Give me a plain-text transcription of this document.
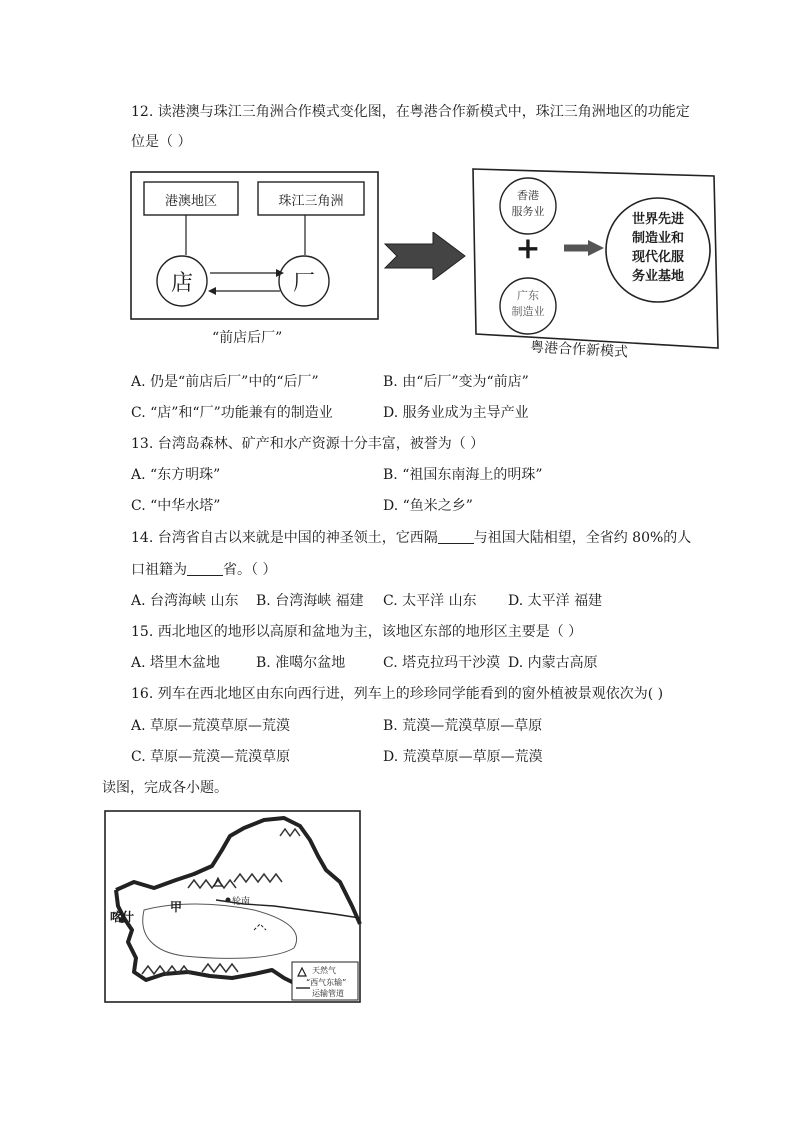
12. 读港澳与珠江三角洲合作模式变化图，在粤港合作新模式中，珠江三角洲地区的功能定
位是（ ）
港澳地区	珠江三角洲
店	厂
“前店后厂”
香港
服务业
+
广东
制造业
世界先进
制造业和
现代化服
务业基地
粤港合作新模式
A. 仍是“前店后厂”中的“后厂”	B. 由“后厂”变为“前店”
C. “店”和“厂”功能兼有的制造业	D. 服务业成为主导产业
13. 台湾岛森林、矿产和水产资源十分丰富，被誉为（ ）
A. “东方明珠”	B. “祖国东南海上的明珠”
C. “中华水塔”	D. “鱼米之乡”
14. 台湾省自古以来就是中国的神圣领土，它西隔	与祖国大陆相望，全省约 80%的人
口祖籍为	省。（ ）
A. 台湾海峡 山东 B. 台湾海峡 福建 C. 太平洋 山东 D. 太平洋 福建
15. 西北地区的地形以高原和盆地为主，该地区东部的地形区主要是（ ）
A. 塔里木盆地	B. 准噶尔盆地	C. 塔克拉玛干沙漠 D. 内蒙古高原
16. 列车在西北地区由东向西行进，列车上的珍珍同学能看到的窗外植被景观依次为( )
A. 草原—荒漠草原—荒漠	B. 荒漠—荒漠草原—草原
C. 草原—荒漠—荒漠草原	D. 荒漠草原—草原—荒漠
读图，完成各小题。
喀什
甲	轮南
天然气
“西气东输”
运输管道
